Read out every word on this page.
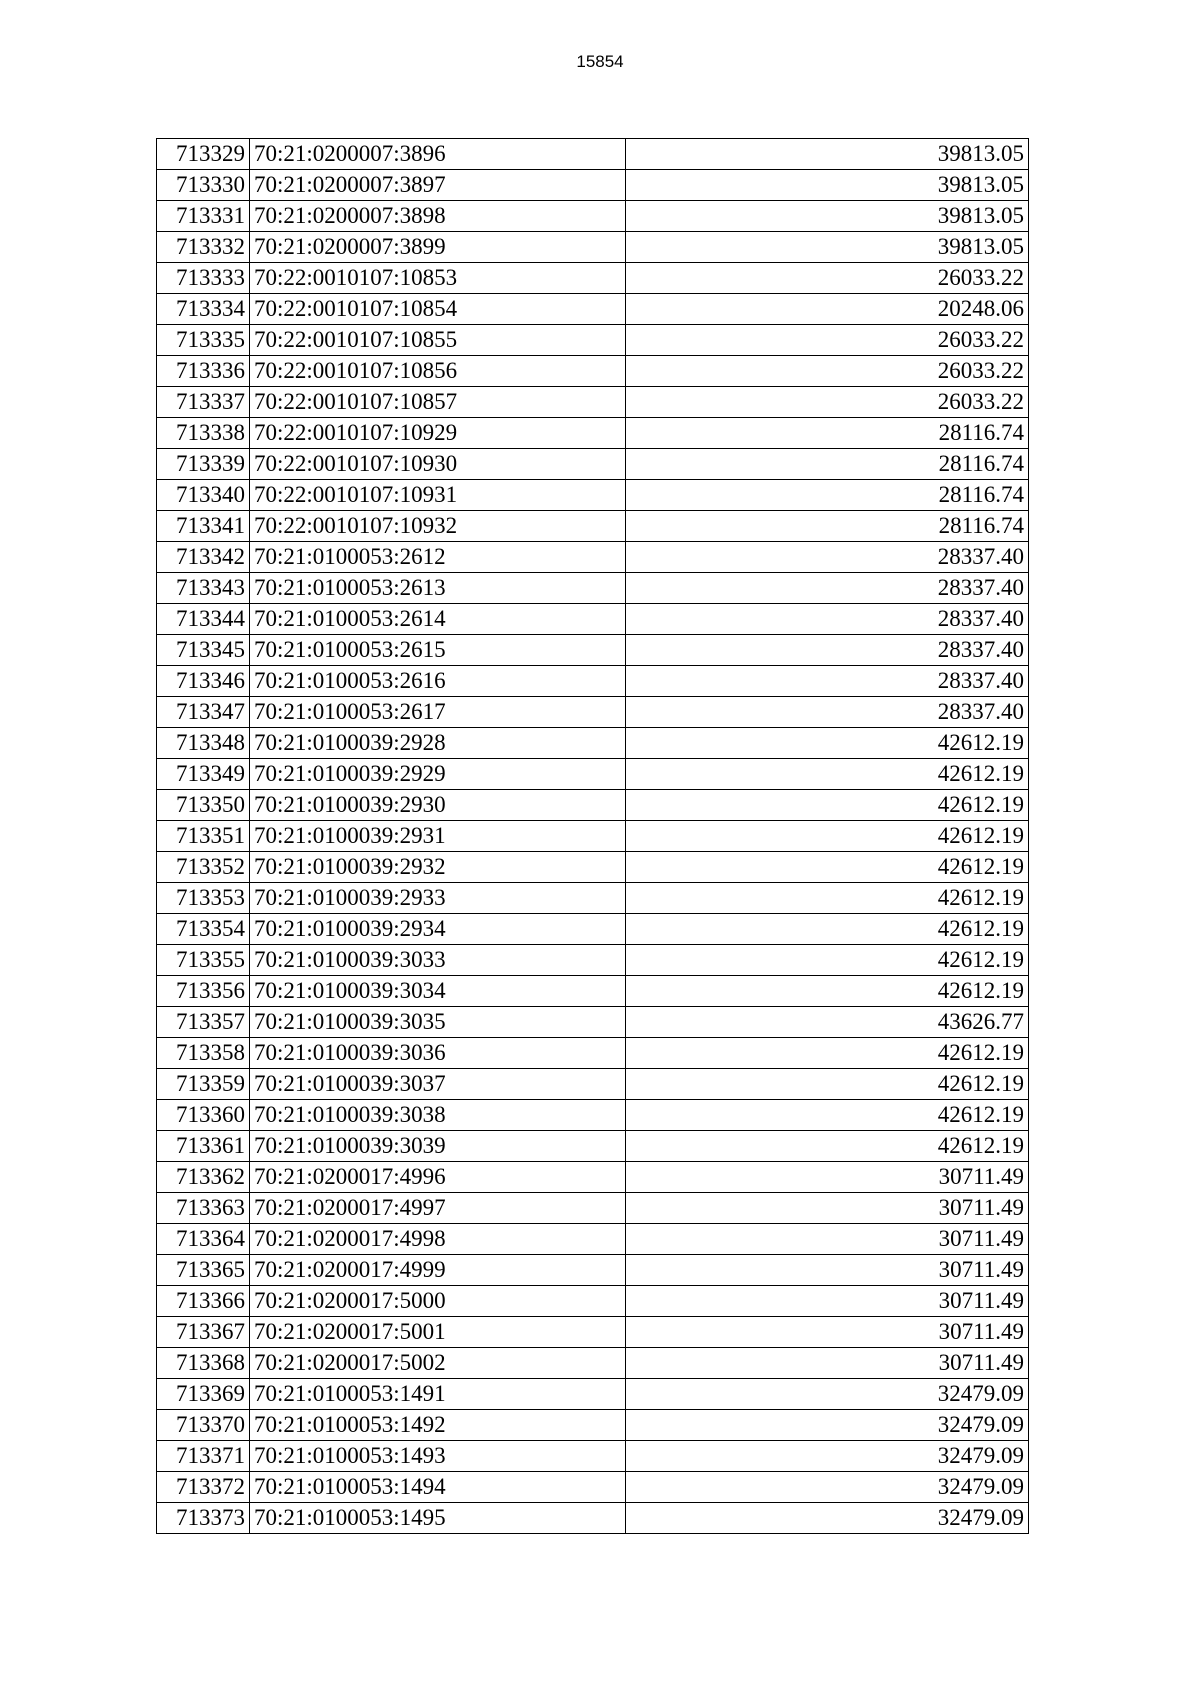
15854
713329	70:21:0200007:3896	39813.05
713330	70:21:0200007:3897	39813.05
713331	70:21:0200007:3898	39813.05
713332	70:21:0200007:3899	39813.05
713333	70:22:0010107:10853	26033.22
713334	70:22:0010107:10854	20248.06
713335	70:22:0010107:10855	26033.22
713336	70:22:0010107:10856	26033.22
713337	70:22:0010107:10857	26033.22
713338	70:22:0010107:10929	28116.74
713339	70:22:0010107:10930	28116.74
713340	70:22:0010107:10931	28116.74
713341	70:22:0010107:10932	28116.74
713342	70:21:0100053:2612	28337.40
713343	70:21:0100053:2613	28337.40
713344	70:21:0100053:2614	28337.40
713345	70:21:0100053:2615	28337.40
713346	70:21:0100053:2616	28337.40
713347	70:21:0100053:2617	28337.40
713348	70:21:0100039:2928	42612.19
713349	70:21:0100039:2929	42612.19
713350	70:21:0100039:2930	42612.19
713351	70:21:0100039:2931	42612.19
713352	70:21:0100039:2932	42612.19
713353	70:21:0100039:2933	42612.19
713354	70:21:0100039:2934	42612.19
713355	70:21:0100039:3033	42612.19
713356	70:21:0100039:3034	42612.19
713357	70:21:0100039:3035	43626.77
713358	70:21:0100039:3036	42612.19
713359	70:21:0100039:3037	42612.19
713360	70:21:0100039:3038	42612.19
713361	70:21:0100039:3039	42612.19
713362	70:21:0200017:4996	30711.49
713363	70:21:0200017:4997	30711.49
713364	70:21:0200017:4998	30711.49
713365	70:21:0200017:4999	30711.49
713366	70:21:0200017:5000	30711.49
713367	70:21:0200017:5001	30711.49
713368	70:21:0200017:5002	30711.49
713369	70:21:0100053:1491	32479.09
713370	70:21:0100053:1492	32479.09
713371	70:21:0100053:1493	32479.09
713372	70:21:0100053:1494	32479.09
713373	70:21:0100053:1495	32479.09
